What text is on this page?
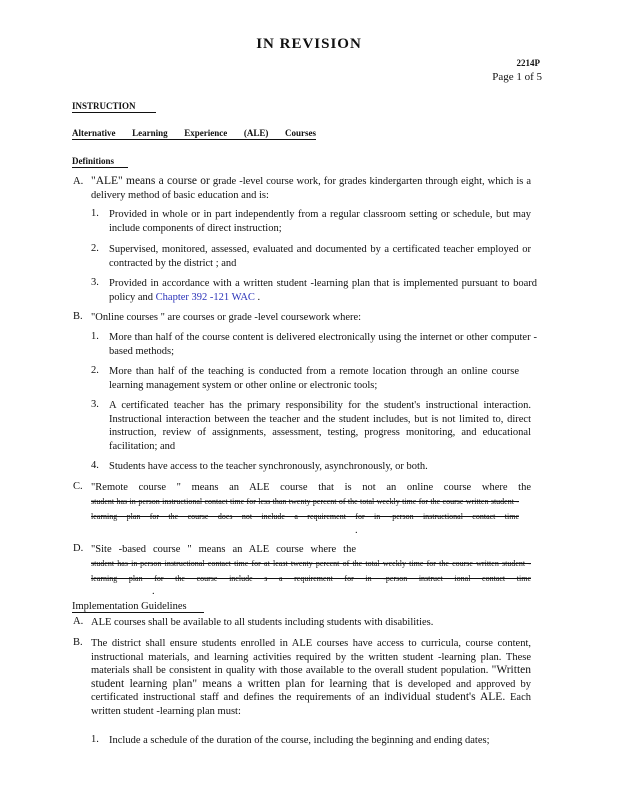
IN REVISION
2214P
Page 1 of 5
INSTRUCTION
Alternative Learning Experience (ALE) Courses
Definitions
A. "ALE" means a course or grade -level course work, for grades kindergarten through eight, which is a delivery method of basic education and is:
1. Provided in whole or in part independently from a regular classroom setting or schedule, but may include components of direct instruction;
2. Supervised, monitored, assessed, evaluated and documented by a certificated teacher employed or contracted by the district ; and
3. Provided in accordance with a written student -learning plan that is implemented pursuant to board policy and Chapter 392 -121 WAC .
B. "Online courses " are courses or grade -level coursework where:
1. More than half of the course content is delivered electronically using the internet or other computer -based methods;
2. More than half of the teaching is conducted from a remote location through an online course learning management system or other online or electronic tools;
3. A certificated teacher has the primary responsibility for the student's instructional interaction. Instructional interaction between the teacher and the student includes, but is not limited to, direct instruction, review of assignments, assessment, testing, progress monitoring, and educational facilitation; and
4. Students have access to the teacher synchronously, asynchronously, or both.
C. "Remote course " means an ALE course that is not an online course where the
student has in-person instructional contact time for less than twenty percent of the total weekly time for the course written student -learning plan for the course does not include a requirement for in -person instructional contact time
.
D. "Site -based course " means an ALE course where the
student has in-person instructional contact time for at least twenty percent of the total weekly time for the course written student -learning plan for the course include s a requirement for in -person instruct ional contact time
.
Implementation Guidelines
A. ALE courses shall be available to all students including students with disabilities.
B. The district shall ensure students enrolled in ALE courses have access to curricula, course content, instructional materials, and learning activities required by the written student -learning plan. These materials shall be consistent in quality with those available to the overall student population. "Written student learning plan" means a written plan for learning that is developed and approved by certificated instructional staff and defines the requirements of an individual student's ALE. Each written student -learning plan must:
1. Include a schedule of the duration of the course, including the beginning and ending dates;
